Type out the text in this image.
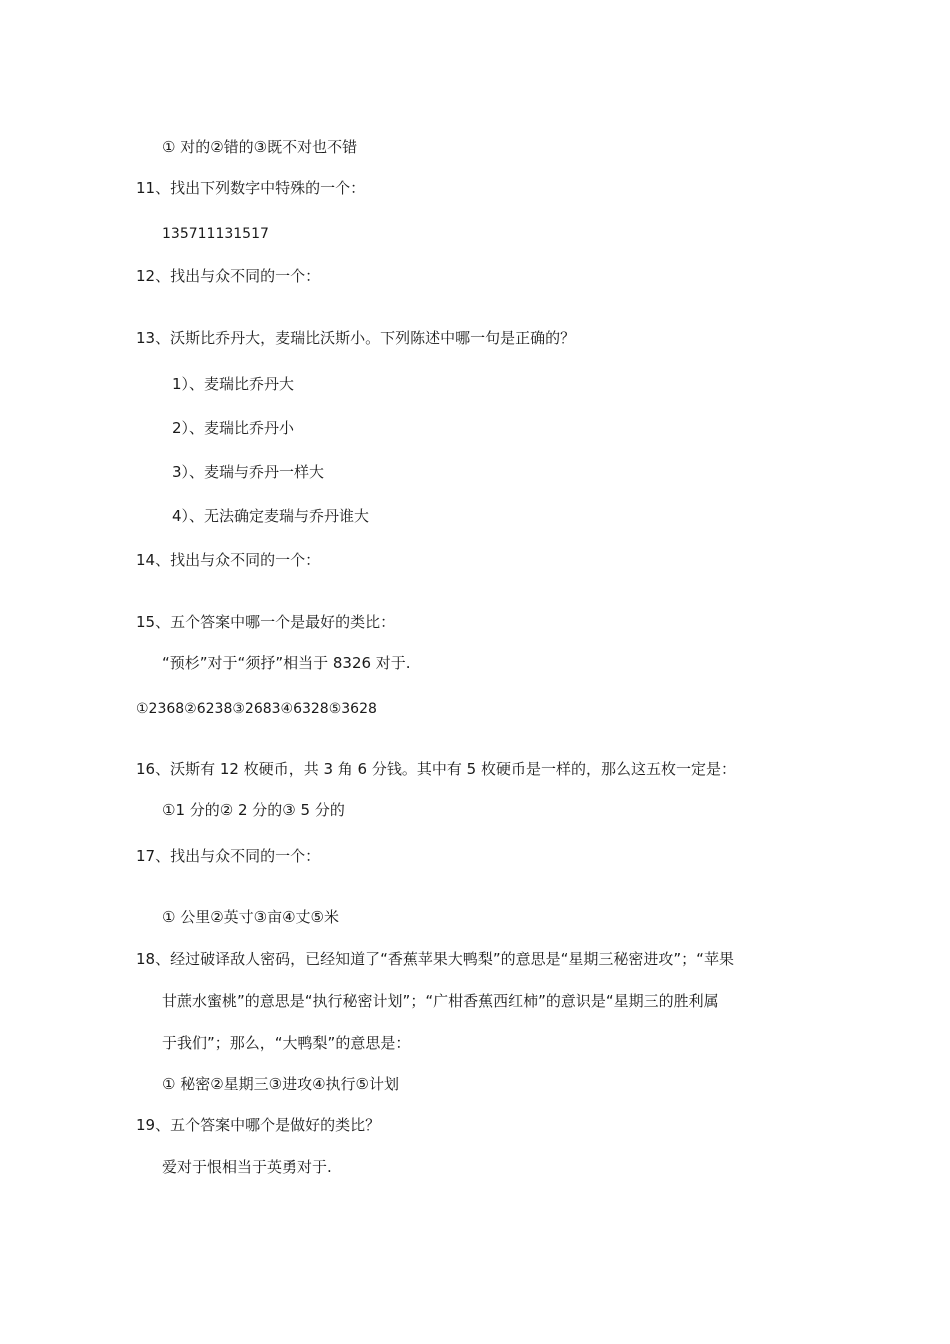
① 对的②错的③既不对也不错
11、找出下列数字中特殊的一个：
135711131517
12、找出与众不同的一个：
13、沃斯比乔丹大，麦瑞比沃斯小。下列陈述中哪一句是正确的？
1）、麦瑞比乔丹大
2）、麦瑞比乔丹小
3）、麦瑞与乔丹一样大
4）、无法确定麦瑞与乔丹谁大
14、找出与众不同的一个：
15、五个答案中哪一个是最好的类比：
“预杉”对于“须抒”相当于 8326 对于.
①2368②6238③2683④6328⑤3628
16、沃斯有 12 枚硬币，共 3 角 6 分钱。其中有 5 枚硬币是一样的，那么这五枚一定是：
①1 分的② 2 分的③ 5 分的
17、找出与众不同的一个：
① 公里②英寸③亩④丈⑤米
18、经过破译敌人密码，已经知道了“香蕉苹果大鸭梨”的意思是“星期三秘密进攻”；“苹果
甘蔗水蜜桃”的意思是“执行秘密计划”；“广柑香蕉西红柿”的意识是“星期三的胜利属
于我们”；那么，“大鸭梨”的意思是：
① 秘密②星期三③进攻④执行⑤计划
19、五个答案中哪个是做好的类比？
爱对于恨相当于英勇对于.
